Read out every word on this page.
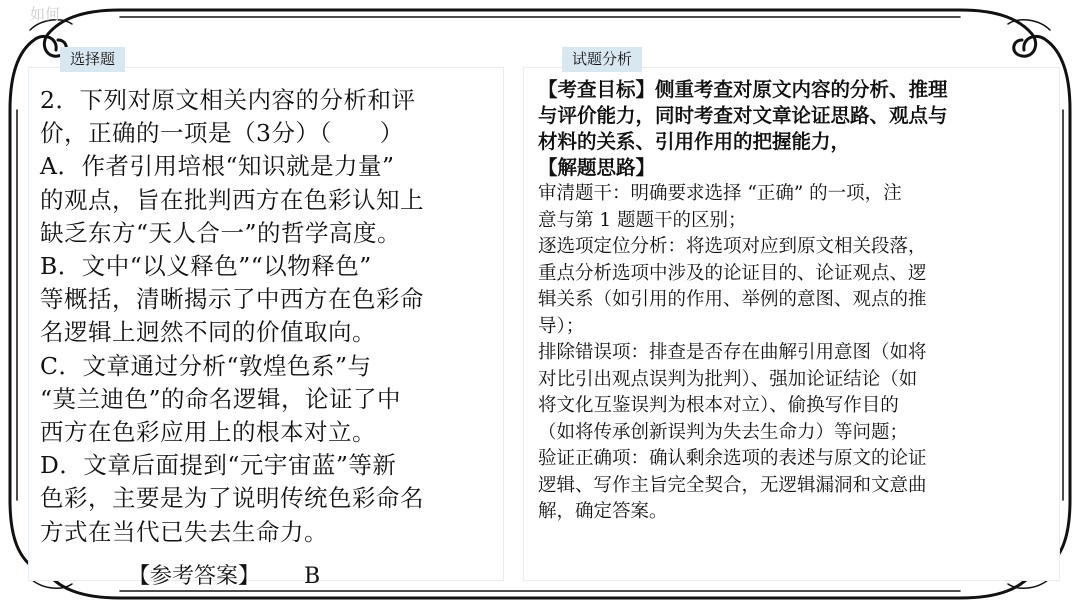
如何
选择题

2．下列对原文相关内容的分析和评

价，正确的一项是（3分）（　　）

A．作者引用培根“知识就是力量”

的观点，旨在批判西方在色彩认知上

缺乏东方“天人合一”的哲学高度。

B．文中“以义释色”“以物释色”

等概括，清晰揭示了中西方在色彩命

名逻辑上迥然不同的价值取向。

C．文章通过分析“敦煌色系”与

“莫兰迪色”的命名逻辑，论证了中

西方在色彩应用上的根本对立。

D．文章后面提到“元宇宙蓝”等新

色彩，主要是为了说明传统色彩命名

方式在当代已失去生命力。

【参考答案】 B
试题分析

【考查目标】侧重考查对原文内容的分析、推理

与评价能力，同时考查对文章论证思路、观点与

材料的关系、引用作用的把握能力，

【解题思路】

审清题干：明确要求选择 “正确” 的一项，注

意与第 1 题题干的区别；

逐选项定位分析：将选项对应到原文相关段落，

重点分析选项中涉及的论证目的、论证观点、逻

辑关系（如引用的作用、举例的意图、观点的推

导）；

排除错误项：排查是否存在曲解引用意图（如将

对比引出观点误判为批判）、强加论证结论（如

将文化互鉴误判为根本对立）、偷换写作目的

（如将传承创新误判为失去生命力）等问题；

验证正确项：确认剩余选项的表述与原文的论证

逻辑、写作主旨完全契合，无逻辑漏洞和文意曲

解，确定答案。
